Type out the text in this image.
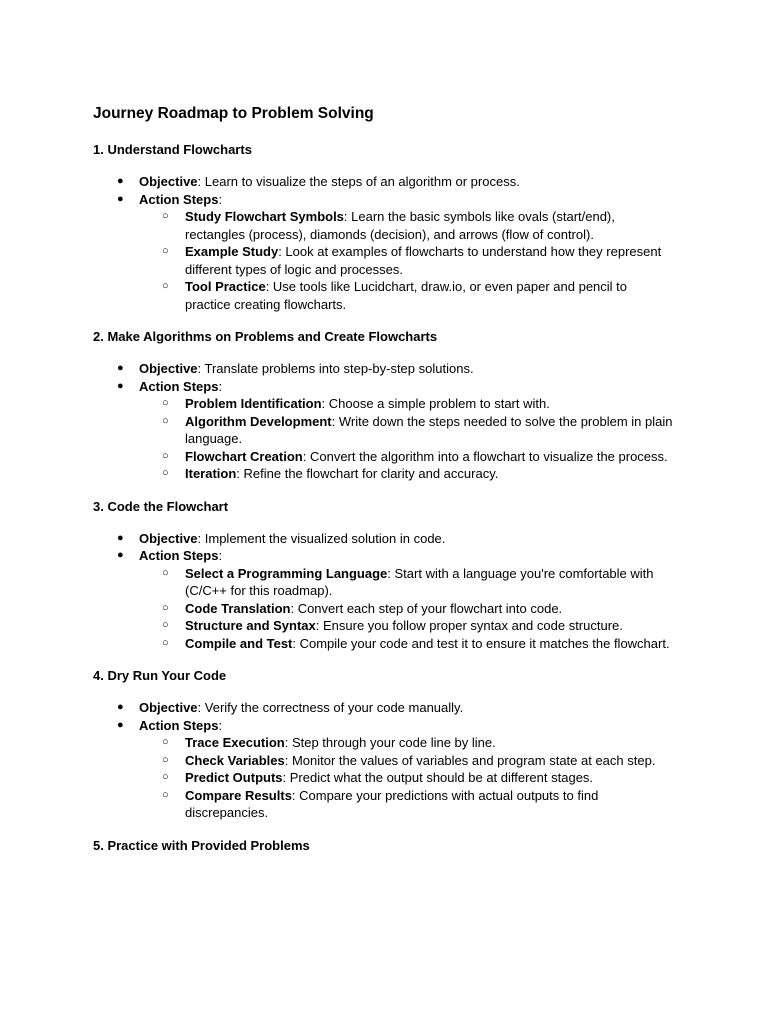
Journey Roadmap to Problem Solving
1. Understand Flowcharts
● Objective: Learn to visualize the steps of an algorithm or process.
● Action Steps:
○ Study Flowchart Symbols: Learn the basic symbols like ovals (start/end), rectangles (process), diamonds (decision), and arrows (flow of control).
○ Example Study: Look at examples of flowcharts to understand how they represent different types of logic and processes.
○ Tool Practice: Use tools like Lucidchart, draw.io, or even paper and pencil to practice creating flowcharts.
2. Make Algorithms on Problems and Create Flowcharts
● Objective: Translate problems into step-by-step solutions.
● Action Steps:
○ Problem Identification: Choose a simple problem to start with.
○ Algorithm Development: Write down the steps needed to solve the problem in plain language.
○ Flowchart Creation: Convert the algorithm into a flowchart to visualize the process.
○ Iteration: Refine the flowchart for clarity and accuracy.
3. Code the Flowchart
● Objective: Implement the visualized solution in code.
● Action Steps:
○ Select a Programming Language: Start with a language you're comfortable with (C/C++ for this roadmap).
○ Code Translation: Convert each step of your flowchart into code.
○ Structure and Syntax: Ensure you follow proper syntax and code structure.
○ Compile and Test: Compile your code and test it to ensure it matches the flowchart.
4. Dry Run Your Code
● Objective: Verify the correctness of your code manually.
● Action Steps:
○ Trace Execution: Step through your code line by line.
○ Check Variables: Monitor the values of variables and program state at each step.
○ Predict Outputs: Predict what the output should be at different stages.
○ Compare Results: Compare your predictions with actual outputs to find discrepancies.
5. Practice with Provided Problems
